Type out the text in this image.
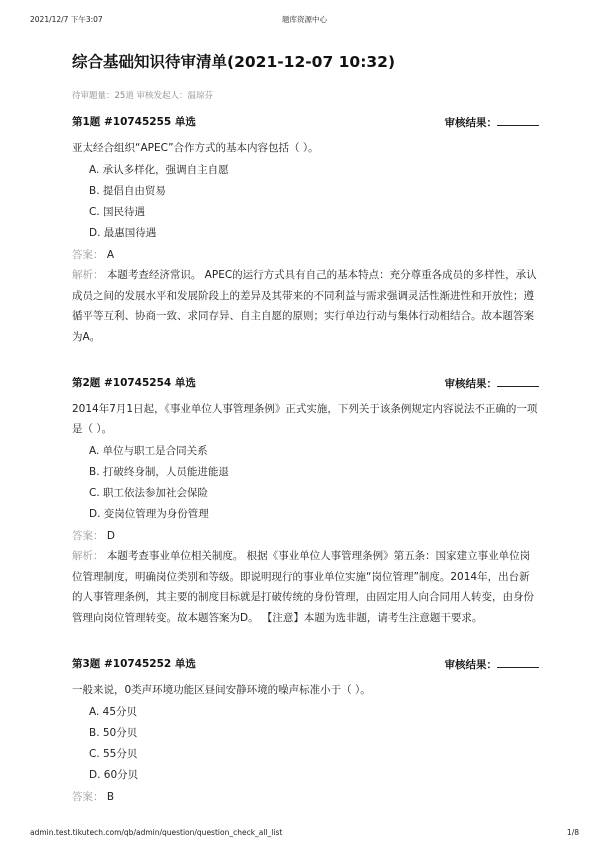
2021/12/7 下午3:07	题库资源中心
综合基础知识待审清单(2021-12-07 10:32)
待审题量：25道 审核发起人：温琼芬
第1题 #10745255 单选	审核结果：
亚太经合组织“APEC”合作方式的基本内容包括（ ）。
A. 承认多样化，强调自主自愿
B. 提倡自由贸易
C. 国民待遇
D. 最惠国待遇
答案： A
解析： 本题考查经济常识。 APEC的运行方式具有自己的基本特点：充分尊重各成员的多样性，承认成员之间的发展水平和发展阶段上的差异及其带来的不同利益与需求强调灵活性渐进性和开放性；遵循平等互利、协商一致、求同存异、自主自愿的原则；实行单边行动与集体行动相结合。故本题答案为A。
第2题 #10745254 单选	审核结果：
2014年7月1日起，《事业单位人事管理条例》正式实施，下列关于该条例规定内容说法不正确的一项是（ ）。
A. 单位与职工是合同关系
B. 打破终身制，人员能进能退
C. 职工依法参加社会保险
D. 变岗位管理为身份管理
答案： D
解析： 本题考查事业单位相关制度。 根据《事业单位人事管理条例》第五条：国家建立事业单位岗位管理制度，明确岗位类别和等级。即说明现行的事业单位实施“岗位管理”制度。2014年，出台新的人事管理条例，其主要的制度目标就是打破传统的身份管理，由固定用人向合同用人转变，由身份管理向岗位管理转变。故本题答案为D。 【注意】本题为选非题，请考生注意题干要求。
第3题 #10745252 单选	审核结果：
一般来说，0类声环境功能区昼间安静环境的噪声标准小于（ ）。
A. 45分贝
B. 50分贝
C. 55分贝
D. 60分贝
答案： B
admin.test.tikutech.com/qb/admin/question/question_check_all_list	1/8
